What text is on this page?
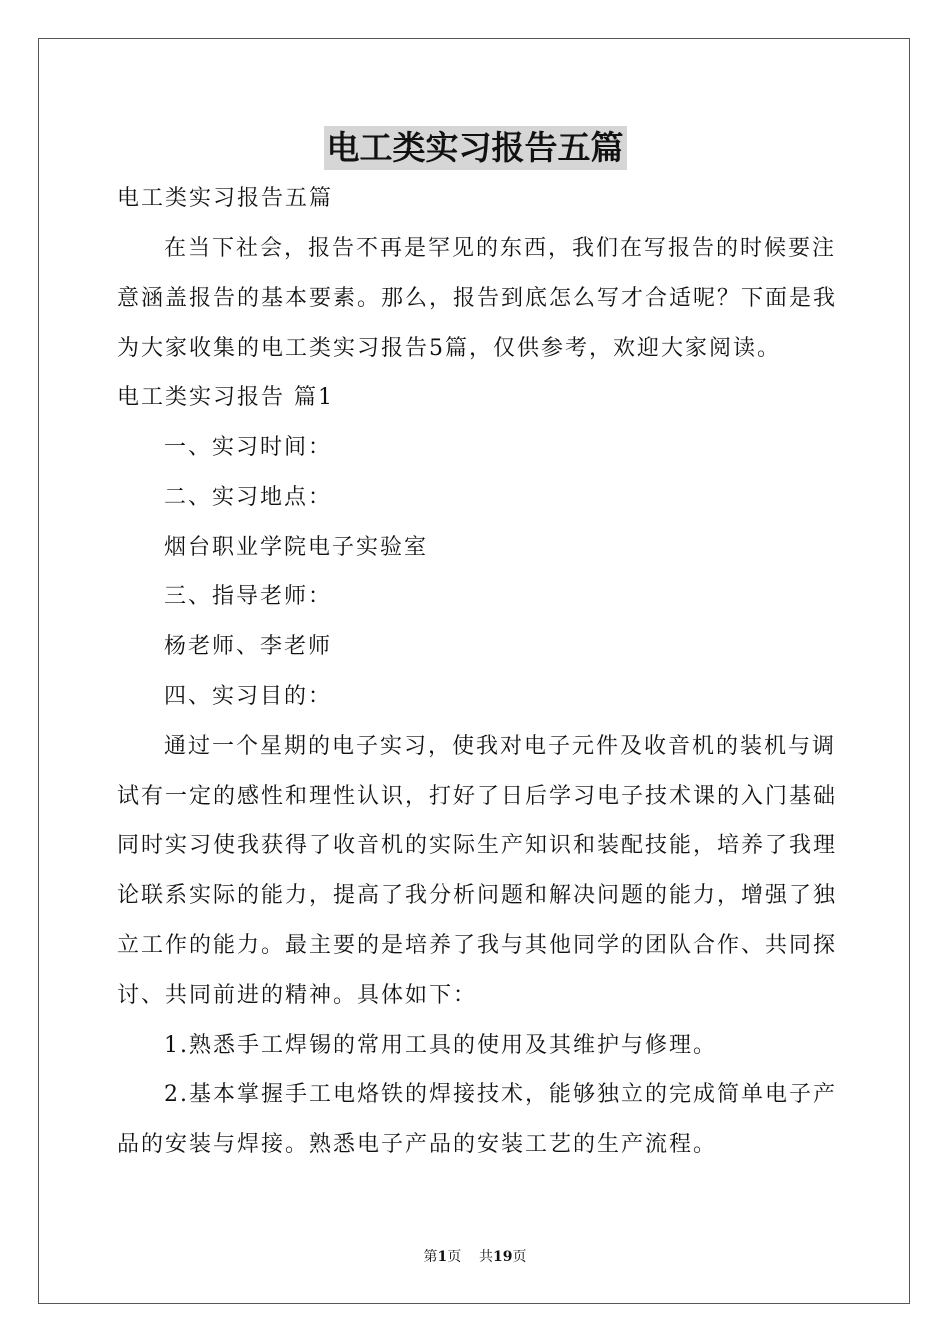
电工类实习报告五篇
电工类实习报告五篇
在当下社会，报告不再是罕见的东西，我们在写报告的时候要注
意涵盖报告的基本要素。那么，报告到底怎么写才合适呢？下面是我
为大家收集的电工类实习报告5篇，仅供参考，欢迎大家阅读。
电工类实习报告 篇1
一、实习时间：
二、实习地点：
烟台职业学院电子实验室
三、指导老师：
杨老师、李老师
四、实习目的：
通过一个星期的电子实习，使我对电子元件及收音机的装机与调
试有一定的感性和理性认识，打好了日后学习电子技术课的入门基础
同时实习使我获得了收音机的实际生产知识和装配技能，培养了我理
论联系实际的能力，提高了我分析问题和解决问题的能力，增强了独
立工作的能力。最主要的是培养了我与其他同学的团队合作、共同探
讨、共同前进的精神。具体如下：
1.熟悉手工焊锡的常用工具的使用及其维护与修理。
2.基本掌握手工电烙铁的焊接技术，能够独立的完成简单电子产
品的安装与焊接。熟悉电子产品的安装工艺的生产流程。
第1页 共19页
